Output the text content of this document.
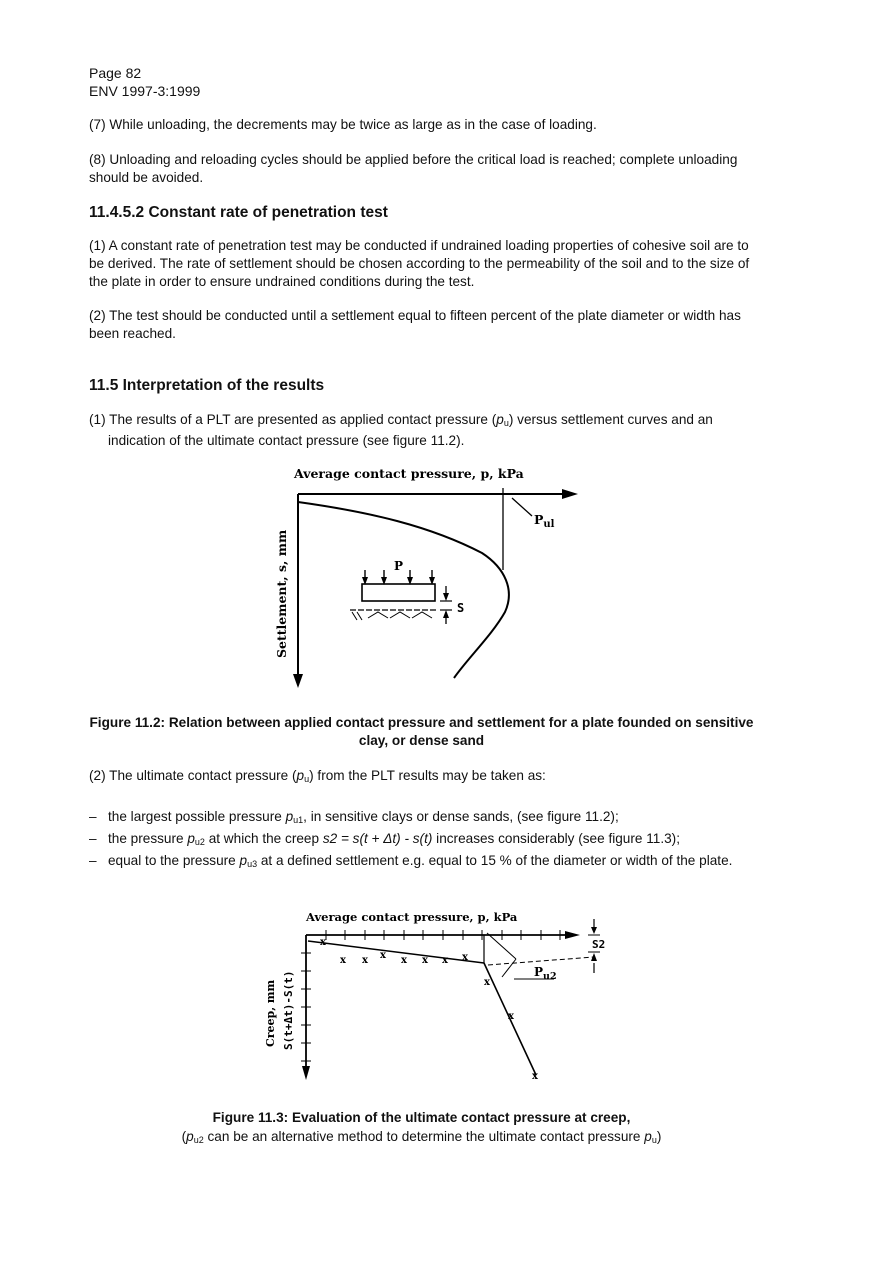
Page 82
ENV 1997-3:1999
(7) While unloading, the decrements may be twice as large as in the case of loading.
(8) Unloading and reloading cycles should be applied before the critical load is reached; complete unloading should be avoided.
11.4.5.2 Constant rate of penetration test
(1) A constant rate of penetration test may be conducted if undrained loading properties of cohesive soil are to be derived. The rate of settlement should be chosen according to the permeability of the soil and to the size of the plate in order to ensure undrained conditions during the test.
(2) The test should be conducted until a settlement equal to fifteen percent of the plate diameter or width has been reached.
11.5 Interpretation of the results
(1) The results of a PLT are presented as applied contact pressure $(p_u)$ versus settlement curves and an indication of the ultimate contact pressure (see figure 11.2).
Average contact pressure, p, kPa
Settlement, s, mm
$P_{ul}$
P
S
Figure 11.2: Relation between applied contact pressure and settlement for a plate founded on sensitive clay, or dense sand
(2) The ultimate contact pressure $(p_u)$ from the PLT results may be taken as:
– the largest possible pressure $p_{u1}$, in sensitive clays or dense sands, (see figure 11.2);
– the pressure $p_{u2}$ at which the creep s2 = s(t + Δt) - s(t) increases considerably (see figure 11.3);
– equal to the pressure $p_{u3}$ at a defined settlement e.g. equal to 15 % of the diameter or width of the plate.
Average contact pressure, p, kPa
Creep, mm S(t+Δt)-S(t)	$P_{u2}$
S2
x
x x x x x x x
x
x
x
Figure 11.3: Evaluation of the ultimate contact pressure at creep,
($p_{u2}$ can be an alternative method to determine the ultimate contact pressure $p_u$)
